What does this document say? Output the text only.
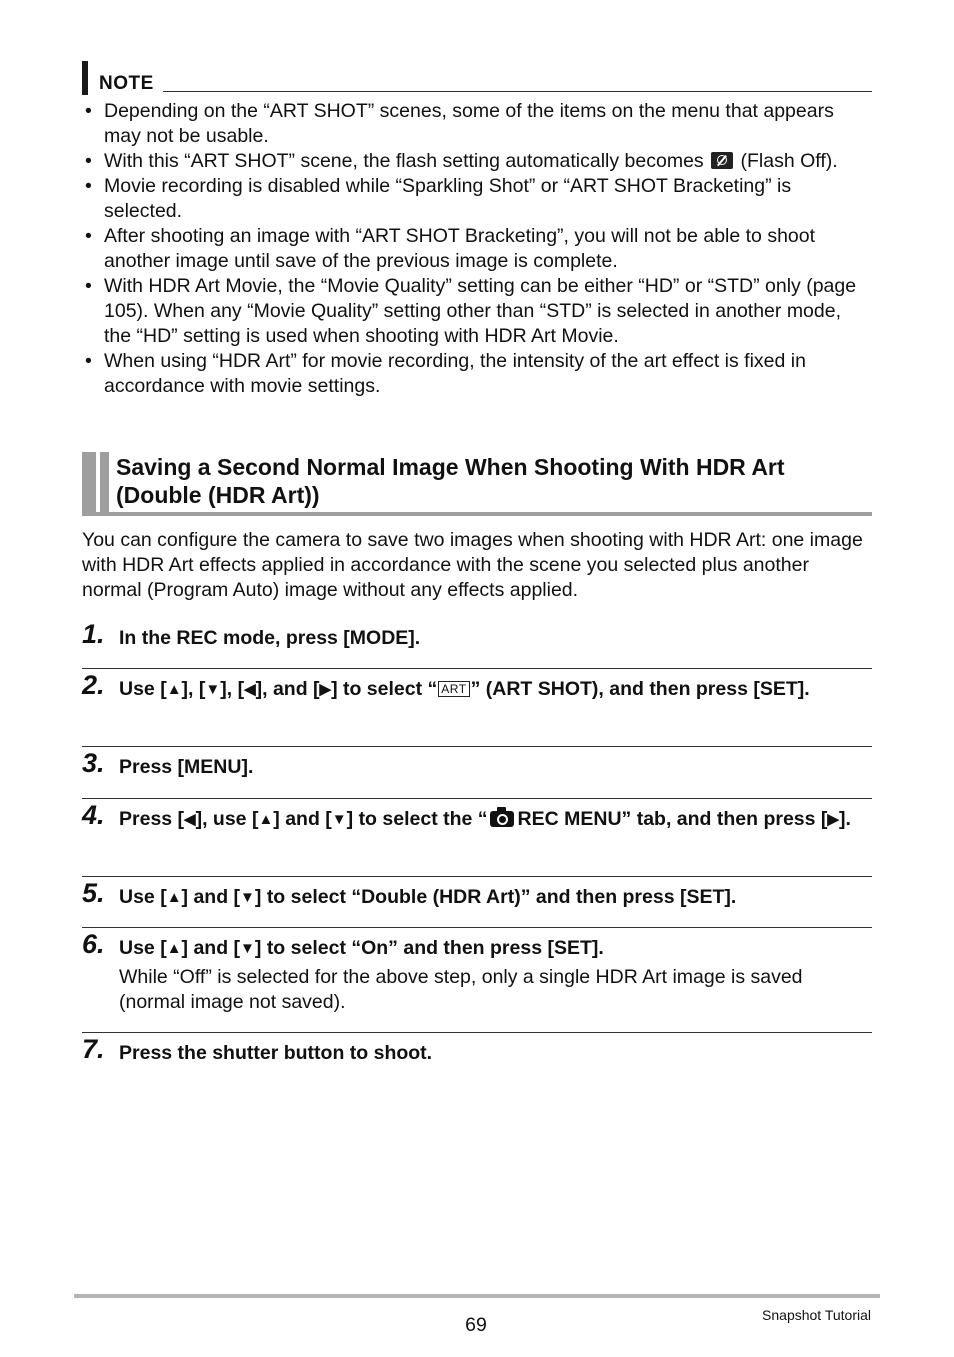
NOTE
• Depending on the “ART SHOT” scenes, some of the items on the menu that appears may not be usable.
• With this “ART SHOT” scene, the flash setting automatically becomes (Flash Off).
• Movie recording is disabled while “Sparkling Shot” or “ART SHOT Bracketing” is selected.
• After shooting an image with “ART SHOT Bracketing”, you will not be able to shoot another image until save of the previous image is complete.
• With HDR Art Movie, the “Movie Quality” setting can be either “HD” or “STD” only (page 105). When any “Movie Quality” setting other than “STD” is selected in another mode, the “HD” setting is used when shooting with HDR Art Movie.
• When using “HDR Art” for movie recording, the intensity of the art effect is fixed in accordance with movie settings.
Saving a Second Normal Image When Shooting With HDR Art (Double (HDR Art))
You can configure the camera to save two images when shooting with HDR Art: one image with HDR Art effects applied in accordance with the scene you selected plus another normal (Program Auto) image without any effects applied.
1. In the REC mode, press [MODE].
2. Use [▲], [▼], [◀], and [▶] to select “ ART ” (ART SHOT), and then press [SET].
3. Press [MENU].
4. Press [◀], use [▲] and [▼] to select the “ REC MENU” tab, and then press [▶].
5. Use [▲] and [▼] to select “Double (HDR Art)” and then press [SET].
6. Use [▲] and [▼] to select “On” and then press [SET].
While “Off” is selected for the above step, only a single HDR Art image is saved (normal image not saved).
7. Press the shutter button to shoot.
69	Snapshot Tutorial
